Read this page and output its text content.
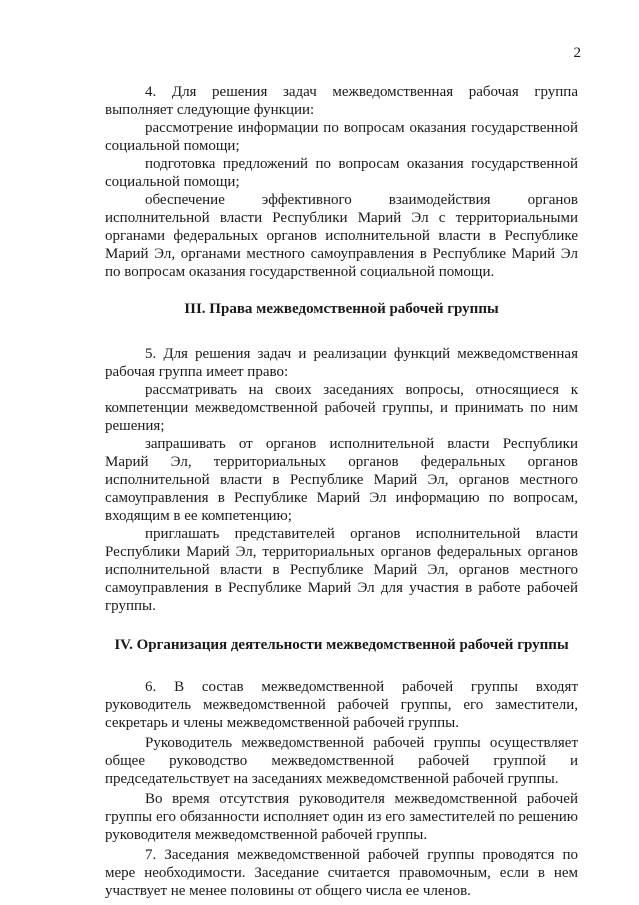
2

4. Для решения задач межведомственная рабочая группа выполняет следующие функции:

рассмотрение информации по вопросам оказания государственной социальной помощи;

подготовка предложений по вопросам оказания государственной социальной помощи;

обеспечение эффективного взаимодействия органов исполнительной власти Республики Марий Эл с территориальными органами федеральных органов исполнительной власти в Республике Марий Эл, органами местного самоуправления в Республике Марий Эл по вопросам оказания государственной социальной помощи.

III. Права межведомственной рабочей группы

5. Для решения задач и реализации функций межведомственная рабочая группа имеет право:

рассматривать на своих заседаниях вопросы, относящиеся к компетенции межведомственной рабочей группы, и принимать по ним решения;

запрашивать от органов исполнительной власти Республики Марий Эл, территориальных органов федеральных органов исполнительной власти в Республике Марий Эл, органов местного самоуправления в Республике Марий Эл информацию по вопросам, входящим в ее компетенцию;

приглашать представителей органов исполнительной власти Республики Марий Эл, территориальных органов федеральных органов исполнительной власти в Республике Марий Эл, органов местного самоуправления в Республике Марий Эл для участия в работе рабочей группы.

IV. Организация деятельности межведомственной рабочей группы

6. В состав межведомственной рабочей группы входят руководитель межведомственной рабочей группы, его заместители, секретарь и члены межведомственной рабочей группы.

Руководитель межведомственной рабочей группы осуществляет общее руководство межведомственной рабочей группой и председательствует на заседаниях межведомственной рабочей группы.

Во время отсутствия руководителя межведомственной рабочей группы его обязанности исполняет один из его заместителей по решению руководителя межведомственной рабочей группы.

7. Заседания межведомственной рабочей группы проводятся по мере необходимости. Заседание считается правомочным, если в нем участвует не менее половины от общего числа ее членов.
